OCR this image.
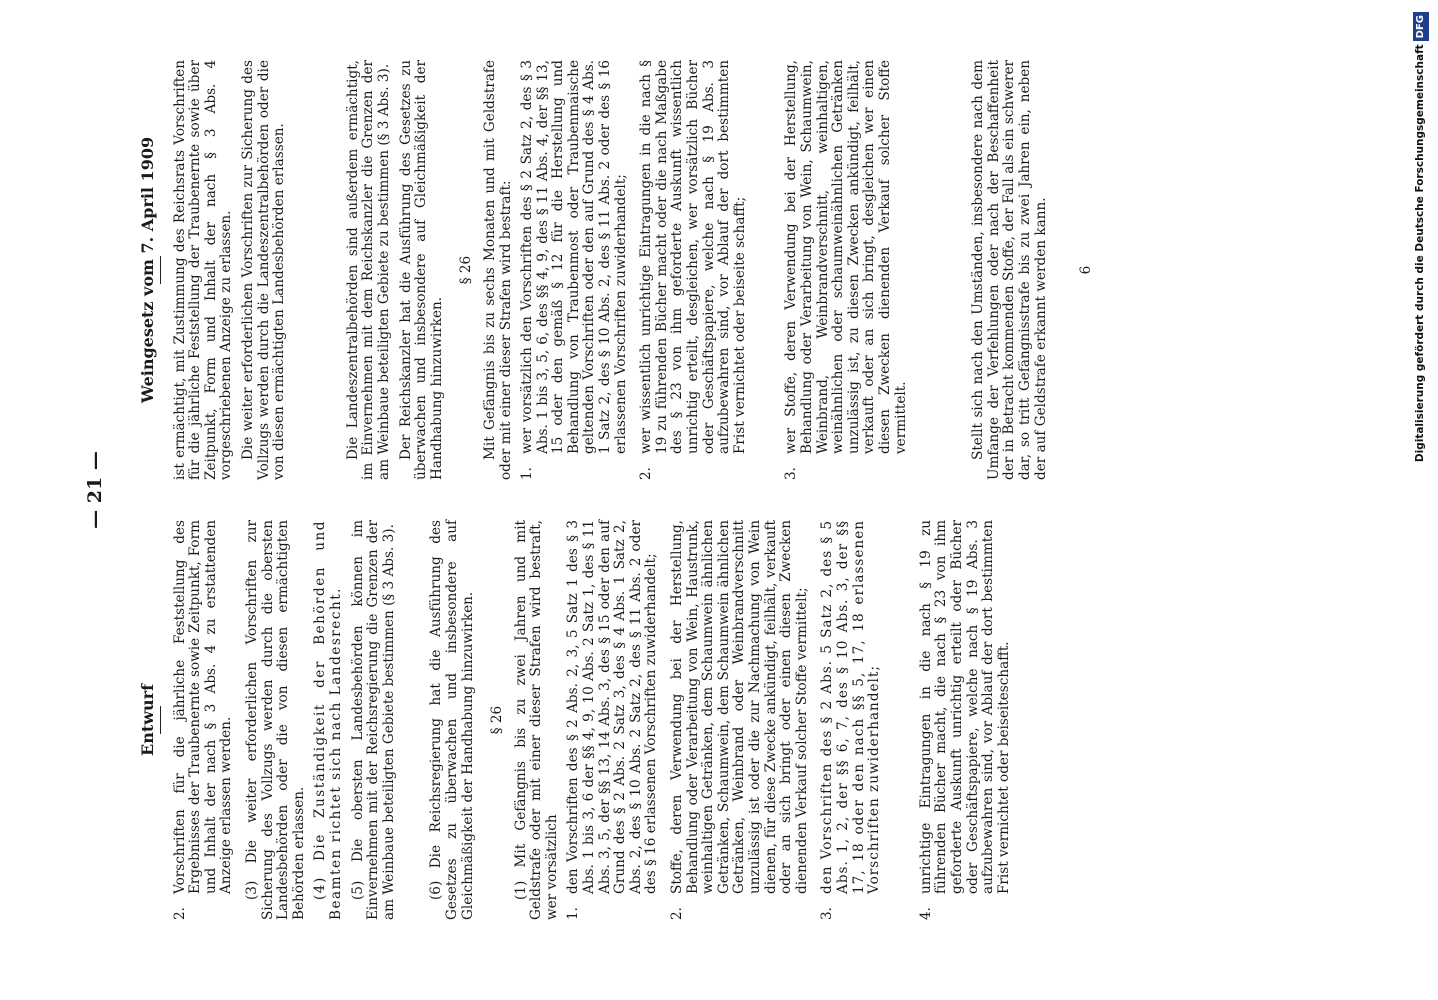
— 21 —
Entwurf
2.
Vorschriften für die jährliche Feststellung des Ergebnisses der Traubenernte sowie Zeitpunkt, Form und Inhalt der nach § 3 Abs. 4 zu erstattenden Anzeige erlassen werden. (3) Die weiter erforderlichen Vorschriften zur Sicherung des Vollzugs werden durch die obersten Landesbehörden oder die von diesen ermächtigten Behörden erlassen. (4) Die Zuständigkeit der Behörden und Beamten richtet sich nach Landesrecht. (5) Die obersten Landesbehörden können im Einvernehmen mit der Reichsregierung die Grenzen der am Weinbaue beteiligten Gebiete bestimmen (§ 3 Abs. 3). (6) Die Reichsregierung hat die Ausführung des Gesetzes zu überwachen und insbesondere auf Gleichmäßigkeit der Handhabung hinzuwirken. § 26 (1) Mit Gefängnis bis zu zwei Jahren und mit Geldstrafe oder mit einer dieser Strafen wird bestraft, wer vorsätzlich 1.
den Vorschriften des § 2 Abs. 2, 3, 5 Satz 1 des § 3 Abs. 1 bis 3, 6 der §§ 4, 9, 10 Abs. 2 Satz 1, des § 11 Abs. 3, 5, der §§ 13, 14 Abs. 3, des § 15 oder den auf Grund des § 2 Abs. 2 Satz 3, des § 4 Abs. 1 Satz 2, Abs. 2, des § 10 Abs. 2 Satz 2, des § 11 Abs. 2 oder des § 16 erlassenen Vorschriften zuwiderhandelt;
2.
Stoffe, deren Verwendung bei der Herstellung, Behandlung oder Verarbeitung von Wein, Haustrunk, weinhaltigen Getränken, dem Schaumwein ähnlichen Getränken, Schaumwein, dem Schaumwein ähnlichen Getränken, Weinbrand oder Weinbrandverschnitt unzulässig ist oder die zur Nachmachung von Wein dienen, für diese Zwecke ankündigt, feilhält, verkauft oder an sich bringt oder einen diesen Zwecken dienenden Verkauf solcher Stoffe vermittelt;
3.
den Vorschriften des § 2 Abs. 5 Satz 2, des § 5 Abs. 1, 2, der §§ 6, 7, des § 10 Abs. 3, der §§ 17, 18 oder den nach §§ 5, 17, 18 erlassenen Vorschriften zuwiderhandelt;
4.
unrichtige Eintragungen in die nach § 19 zu führenden Bücher macht, die nach § 23 von ihm geforderte Auskunft unrichtig erteilt oder Bücher oder Geschäftspapiere, welche nach § 19 Abs. 3 aufzubewahren sind, vor Ablauf der dort bestimmten Frist vernichtet oder beiseiteschafft.
Weingesetz vom 7. April 1909 ist ermächtigt, mit Zustimmung des Reichsrats Vorschriften für die jährliche Feststellung der Traubenernte sowie über Zeitpunkt, Form und Inhalt der nach § 3 Abs. 4 vorgeschriebenen Anzeige zu erlassen. Die weiter erforderlichen Vorschriften zur Sicherung des Vollzugs werden durch die Landeszentralbehörden oder die von diesen ermächtigten Landesbehörden erlassen.	Die Landeszentralbehörden sind außerdem ermächtigt, im Einvernehmen mit dem Reichskanzler die Grenzen der am Weinbaue beteiligten Gebiete zu bestimmen (§ 3 Abs. 3). Der Reichskanzler hat die Ausführung des Gesetzes zu überwachen und insbesondere auf Gleichmäßigkeit der Handhabung hinzuwirken.

§ 26 Mit Gefängnis bis zu sechs Monaten und mit Geldstrafe oder mit einer dieser Strafen wird bestraft: 1.
wer vorsätzlich den Vorschriften des § 2 Satz 2, des § 3 Abs. 1 bis 3, 5, 6, des §§ 4, 9, des § 11 Abs. 4, der §§ 13, 15 oder den gemäß § 12 für die Herstellung und Behandlung von Traubenmost oder Traubenmaische geltenden Vorschriften oder den auf Grund des § 4 Abs. 1 Satz 2, des § 10 Abs. 2, des § 11 Abs. 2 oder des § 16 erlassenen Vorschriften zuwiderhandelt;
2.
wer wissentlich unrichtige Eintragungen in die nach § 19 zu führenden Bücher macht oder die nach Maßgabe des § 23 von ihm geforderte Auskunft wissentlich unrichtig erteilt, desgleichen, wer vorsätzlich Bücher oder Geschäftspapiere, welche nach § 19 Abs. 3 aufzubewahren sind, vor Ablauf der dort bestimmten Frist vernichtet oder beiseite schafft;
3.
wer Stoffe, deren Verwendung bei der Herstellung, Behandlung oder Verarbeitung von Wein, Schaumwein, Weinbrand, Weinbrandverschnitt, weinhaltigen, weinähnlichen oder schaumweinähnlichen Getränken unzulässig ist, zu diesen Zwecken ankündigt, feilhält, verkauft oder an sich bringt, desgleichen wer einen diesen Zwecken dienenden Verkauf solcher Stoffe vermittelt.	Stellt sich nach den Umständen, insbesondere nach dem Umfange der Verfehlungen oder nach der Beschaffenheit der in Betracht kommenden Stoffe, der Fall als ein schwerer dar, so tritt Gefängnisstrafe bis zu zwei Jahren ein, neben der auf Geldstrafe erkannt werden kann. 6	Digitalisierung gefördert durch die Deutsche ForschungsgemeinschaftDFG
